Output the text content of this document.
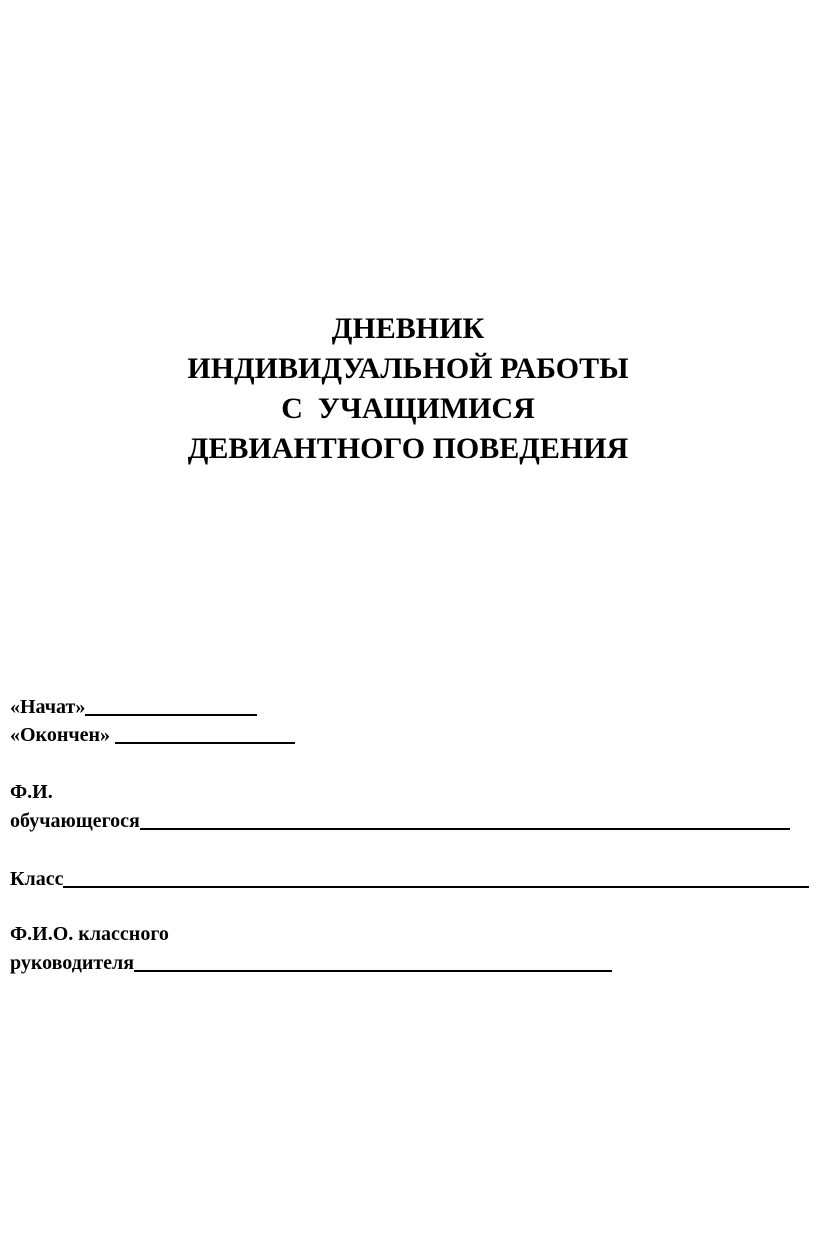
ДНЕВНИК
ИНДИВИДУАЛЬНОЙ РАБОТЫ
С  УЧАЩИМИСЯ
ДЕВИАНТНОГО ПОВЕДЕНИЯ

«Начат»

«Окончен»

Ф.И.

обучающегося

Класс

Ф.И.О. классного

руководителя
